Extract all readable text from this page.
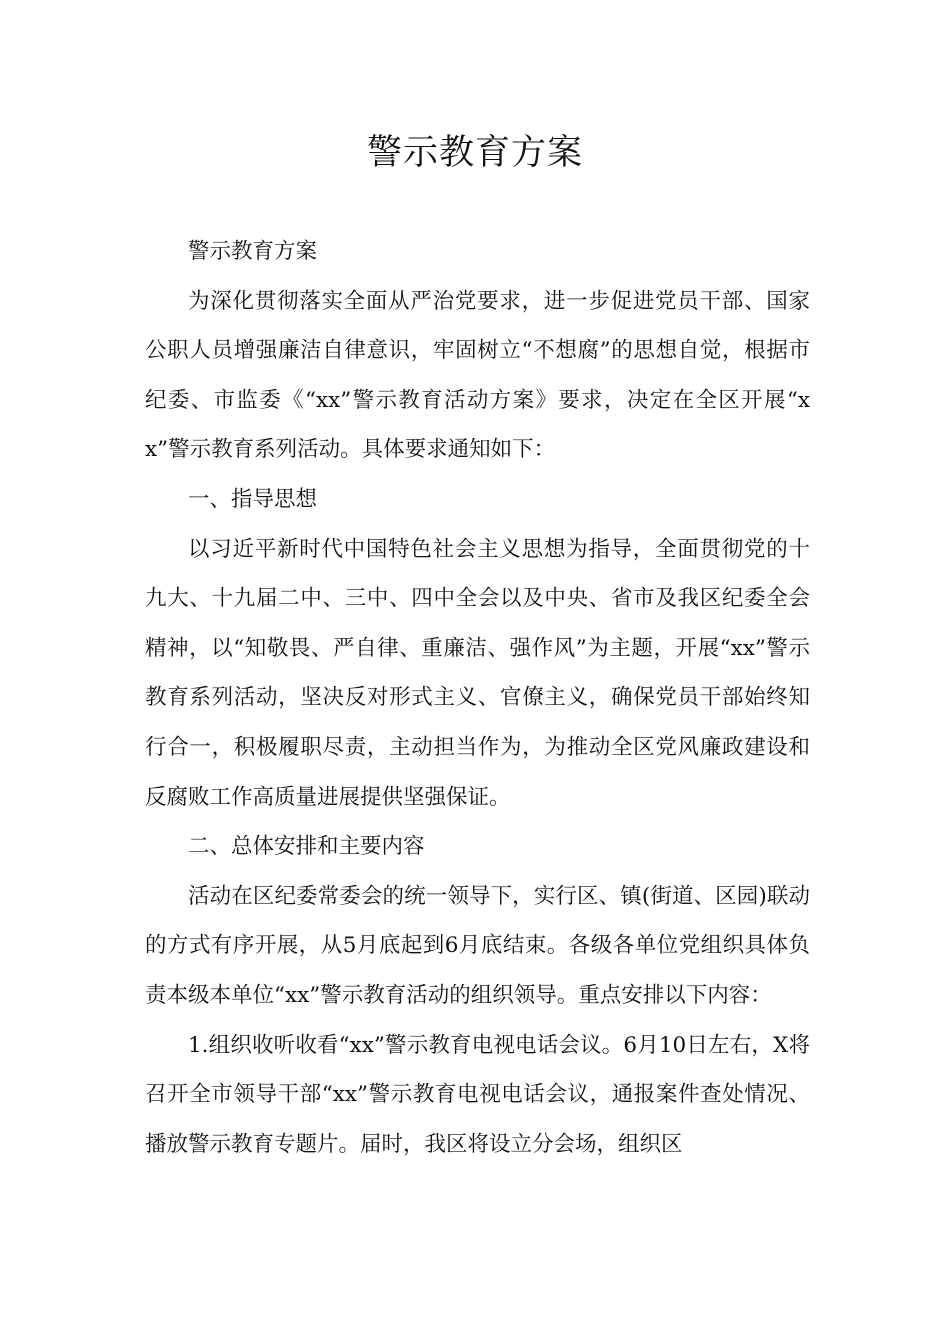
警示教育方案

警示教育方案

为深化贯彻落实全面从严治党要求，进一步促进党员干部、国家公职人员增强廉洁自律意识，牢固树立“不想腐”的思想自觉，根据市纪委、市监委《“xx”警示教育活动方案》要求，决定在全区开展“xx”警示教育系列活动。具体要求通知如下：

一、指导思想

以习近平新时代中国特色社会主义思想为指导，全面贯彻党的十九大、十九届二中、三中、四中全会以及中央、省市及我区纪委全会精神，以“知敬畏、严自律、重廉洁、强作风”为主题，开展“xx”警示教育系列活动，坚决反对形式主义、官僚主义，确保党员干部始终知行合一，积极履职尽责，主动担当作为，为推动全区党风廉政建设和反腐败工作高质量进展提供坚强保证。

二、总体安排和主要内容

活动在区纪委常委会的统一领导下，实行区、镇(街道、区园)联动的方式有序开展，从5月底起到6月底结束。各级各单位党组织具体负责本级本单位“xx”警示教育活动的组织领导。重点安排以下内容：

1.组织收听收看“xx”警示教育电视电话会议。6月10日左右，X将召开全市领导干部“xx”警示教育电视电话会议，通报案件查处情况、播放警示教育专题片。届时，我区将设立分会场，组织区
